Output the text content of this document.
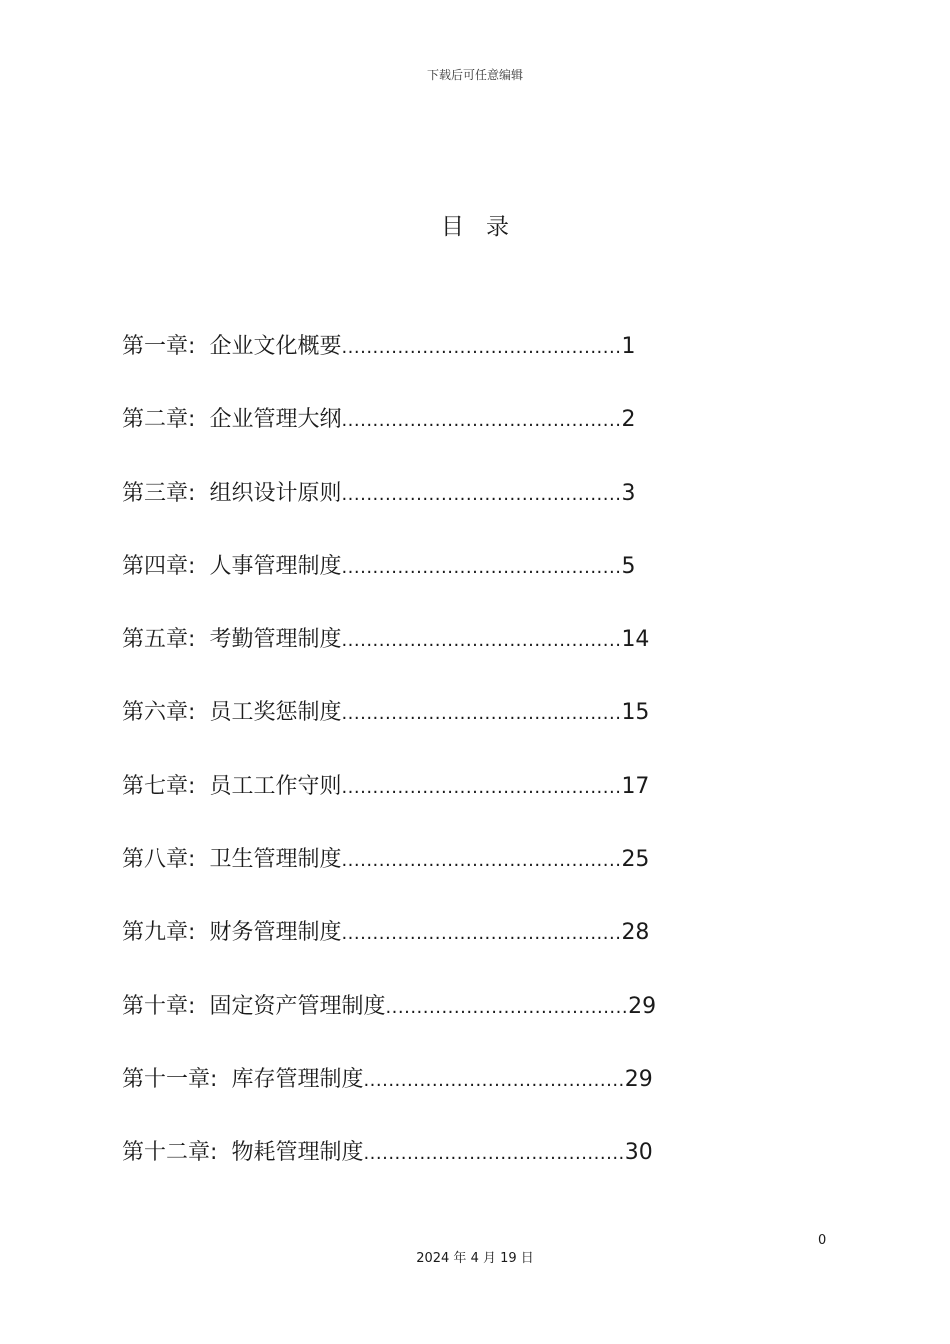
下载后可任意编辑
目录
第一章 : 企业文化概要 ............................................. 1
第二章 : 企业管理大纲 ............................................. 2
第三章 : 组织设计原则 ............................................. 3
第四章 : 人事管理制度 ............................................. 5
第五章 : 考勤管理制度 ............................................. 14
第六章 : 员工奖惩制度 ............................................. 15
第七章 : 员工工作守则 ............................................. 17
第八章 : 卫生管理制度 ............................................. 25
第九章 : 财务管理制度 ............................................. 28
第十章 : 固定资产管理制度 ....................................... 29
第十一章 : 库存管理制度 .......................................... 29
第十二章 : 物耗管理制度 .......................................... 30
0
2024 年 4 月 19 日
